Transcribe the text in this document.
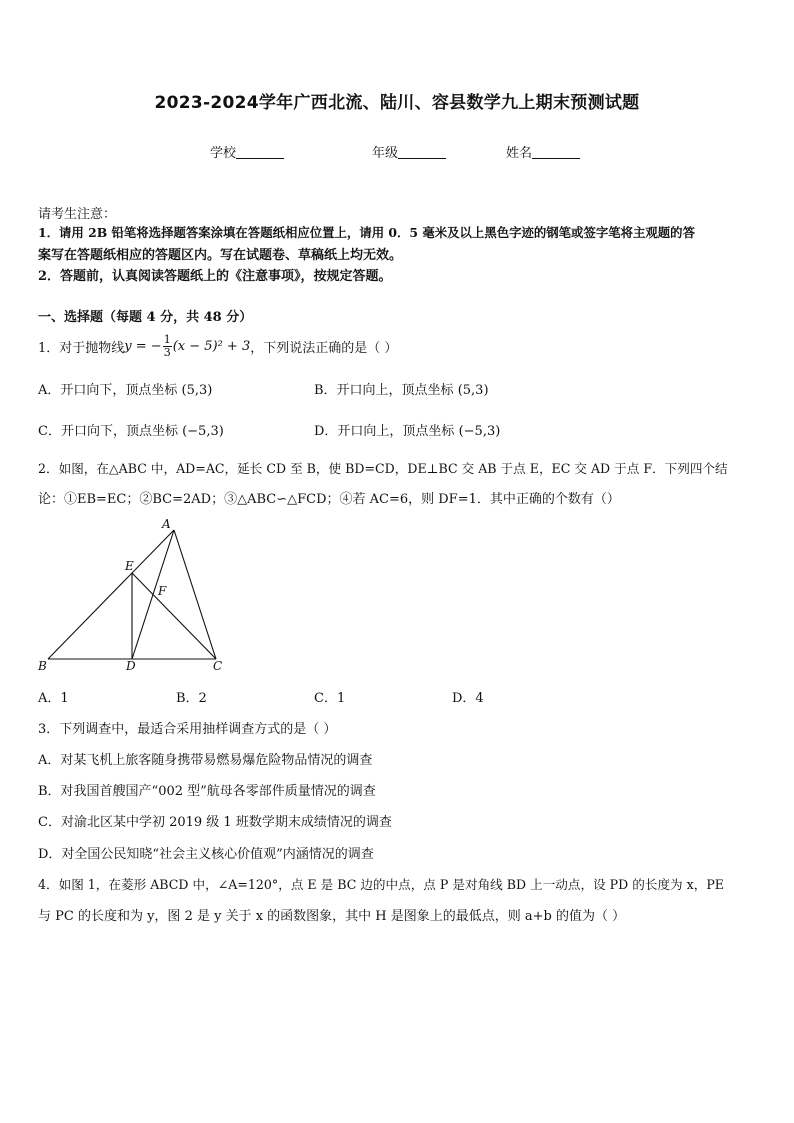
2023-2024学年广西北流、陆川、容县数学九上期末预测试题
学校	年级	姓名
请考生注意：
1．请用 2B 铅笔将选择题答案涂填在答题纸相应位置上，请用 0．5 毫米及以上黑色字迹的钢笔或签字笔将主观题的答
案写在答题纸相应的答题区内。写在试题卷、草稿纸上均无效。
2．答题前，认真阅读答题纸上的《注意事项》，按规定答题。
一、选择题（每题 4 分，共 48 分）
1．对于抛物线 y = − $\frac{1}{3} (x - 5)^2 + 3$ ，下列说法正确的是（ ）
A．开口向下，顶点坐标 (5,3)	B．开口向上，顶点坐标 (5,3)
C．开口向下，顶点坐标 (−5,3)	D．开口向上，顶点坐标 (−5,3)
2．如图，在△ABC 中，AD=AC，延长 CD 至 B，使 BD=CD，DE⊥BC 交 AB 于点 E，EC 交 AD 于点 F．下列四个结
论：①EB=EC；②BC=2AD；③△ABC∽△FCD；④若 AC=6，则 DF=1．其中正确的个数有（）
A
E
F
B	D	C
A．1	B．2	C．1	D．4
3．下列调查中，最适合采用抽样调查方式的是（ ）
A．对某飞机上旅客随身携带易燃易爆危险物品情况的调查
B．对我国首艘国产“002 型”航母各零部件质量情况的调查
C．对渝北区某中学初 2019 级 1 班数学期末成绩情况的调查
D．对全国公民知晓“社会主义核心价值观”内涵情况的调查
4．如图 1，在菱形 ABCD 中，∠A=120°，点 E 是 BC 边的中点，点 P 是对角线 BD 上一动点，设 PD 的长度为 x，PE
与 PC 的长度和为 y，图 2 是 y 关于 x 的函数图象，其中 H 是图象上的最低点，则 a+b 的值为（ ）
